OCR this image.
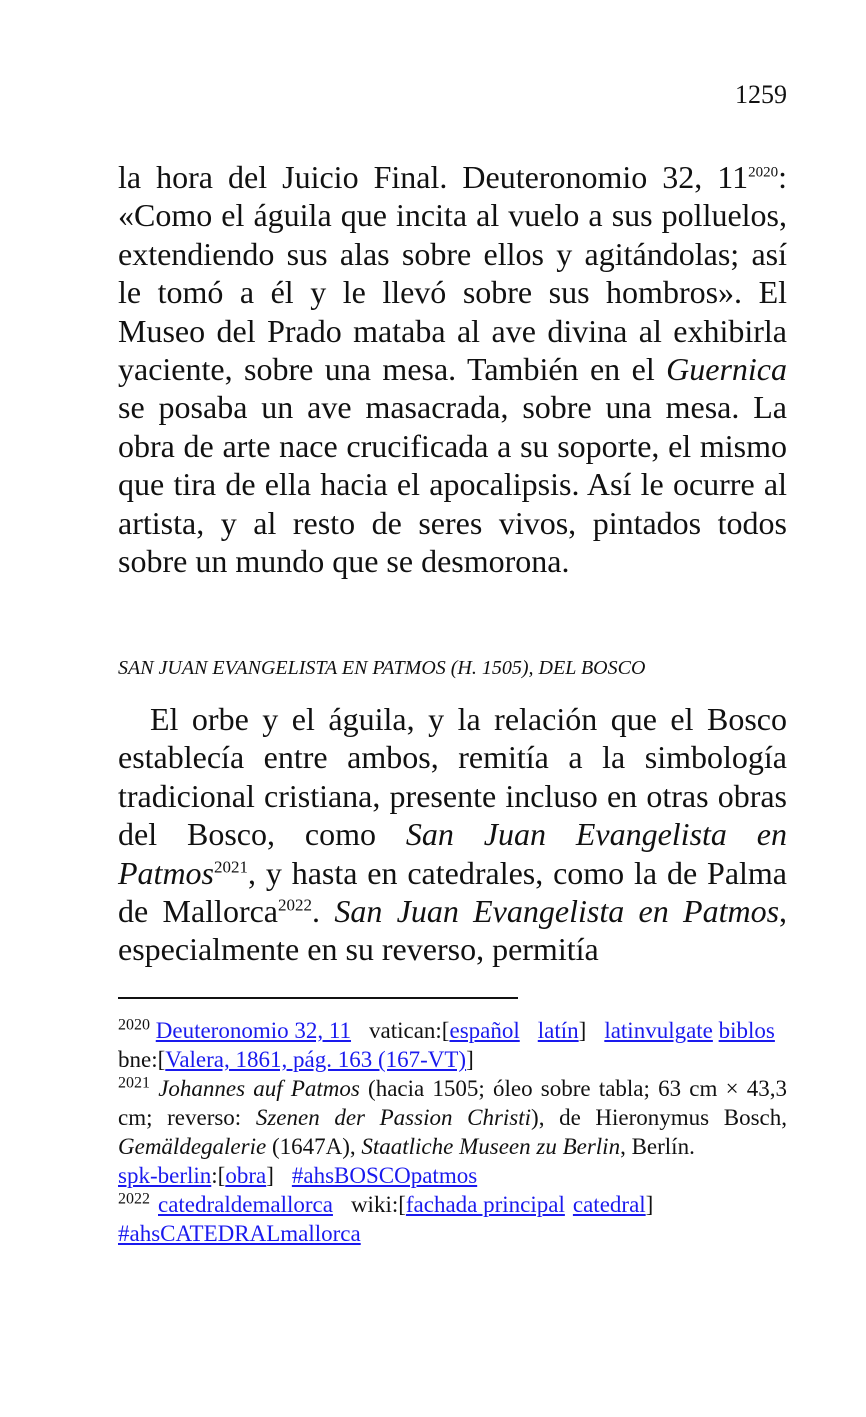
1259

la hora del Juicio Final. Deuteronomio 32, $11^{2020}$: «Como el águila que incita al vuelo a sus polluelos, extendiendo sus alas sobre ellos y agitándolas; así le tomó a él y le llevó sobre sus hombros». El Museo del Prado mataba al ave divina al exhibirla yaciente, sobre una mesa. También en el Guernica se posaba un ave masacrada, sobre una mesa. La obra de arte nace crucificada a su soporte, el mismo que tira de ella hacia el apocalipsis. Así le ocurre al artista, y al resto de seres vivos, pintados todos sobre un mundo que se desmorona.

SAN JUAN EVANGELISTA EN PATMOS (H. 1505), DEL BOSCO

El orbe y el águila, y la relación que el Bosco establecía entre ambos, remitía a la simbología tradicional cristiana, presente incluso en otras obras del Bosco, como San Juan Evangelista en Patmos$^{2021}$, y hasta en catedrales, como la de Palma de Mallorca$^{2022}$. San Juan Evangelista en Patmos, especialmente en su reverso, permitía

$^{2020}$ Deuteronomio 32, 11 vatican:[español latín] latinvulgate biblos

bne:[Valera, 1861, pág. 163 (167-VT)]

$^{2021}$ Johannes auf Patmos (hacia 1505; óleo sobre tabla; 63 cm × 43,3 cm; reverso: Szenen der Passion Christi), de Hieronymus Bosch, Gemäldegalerie (1647A), Staatliche Museen zu Berlin, Berlín.

spk-berlin:[obra] #ahsBOSCOpatmos

$^{2022}$ catedraldemallorca wiki:[fachada principal catedral]

#ahsCATEDRALmallorca
